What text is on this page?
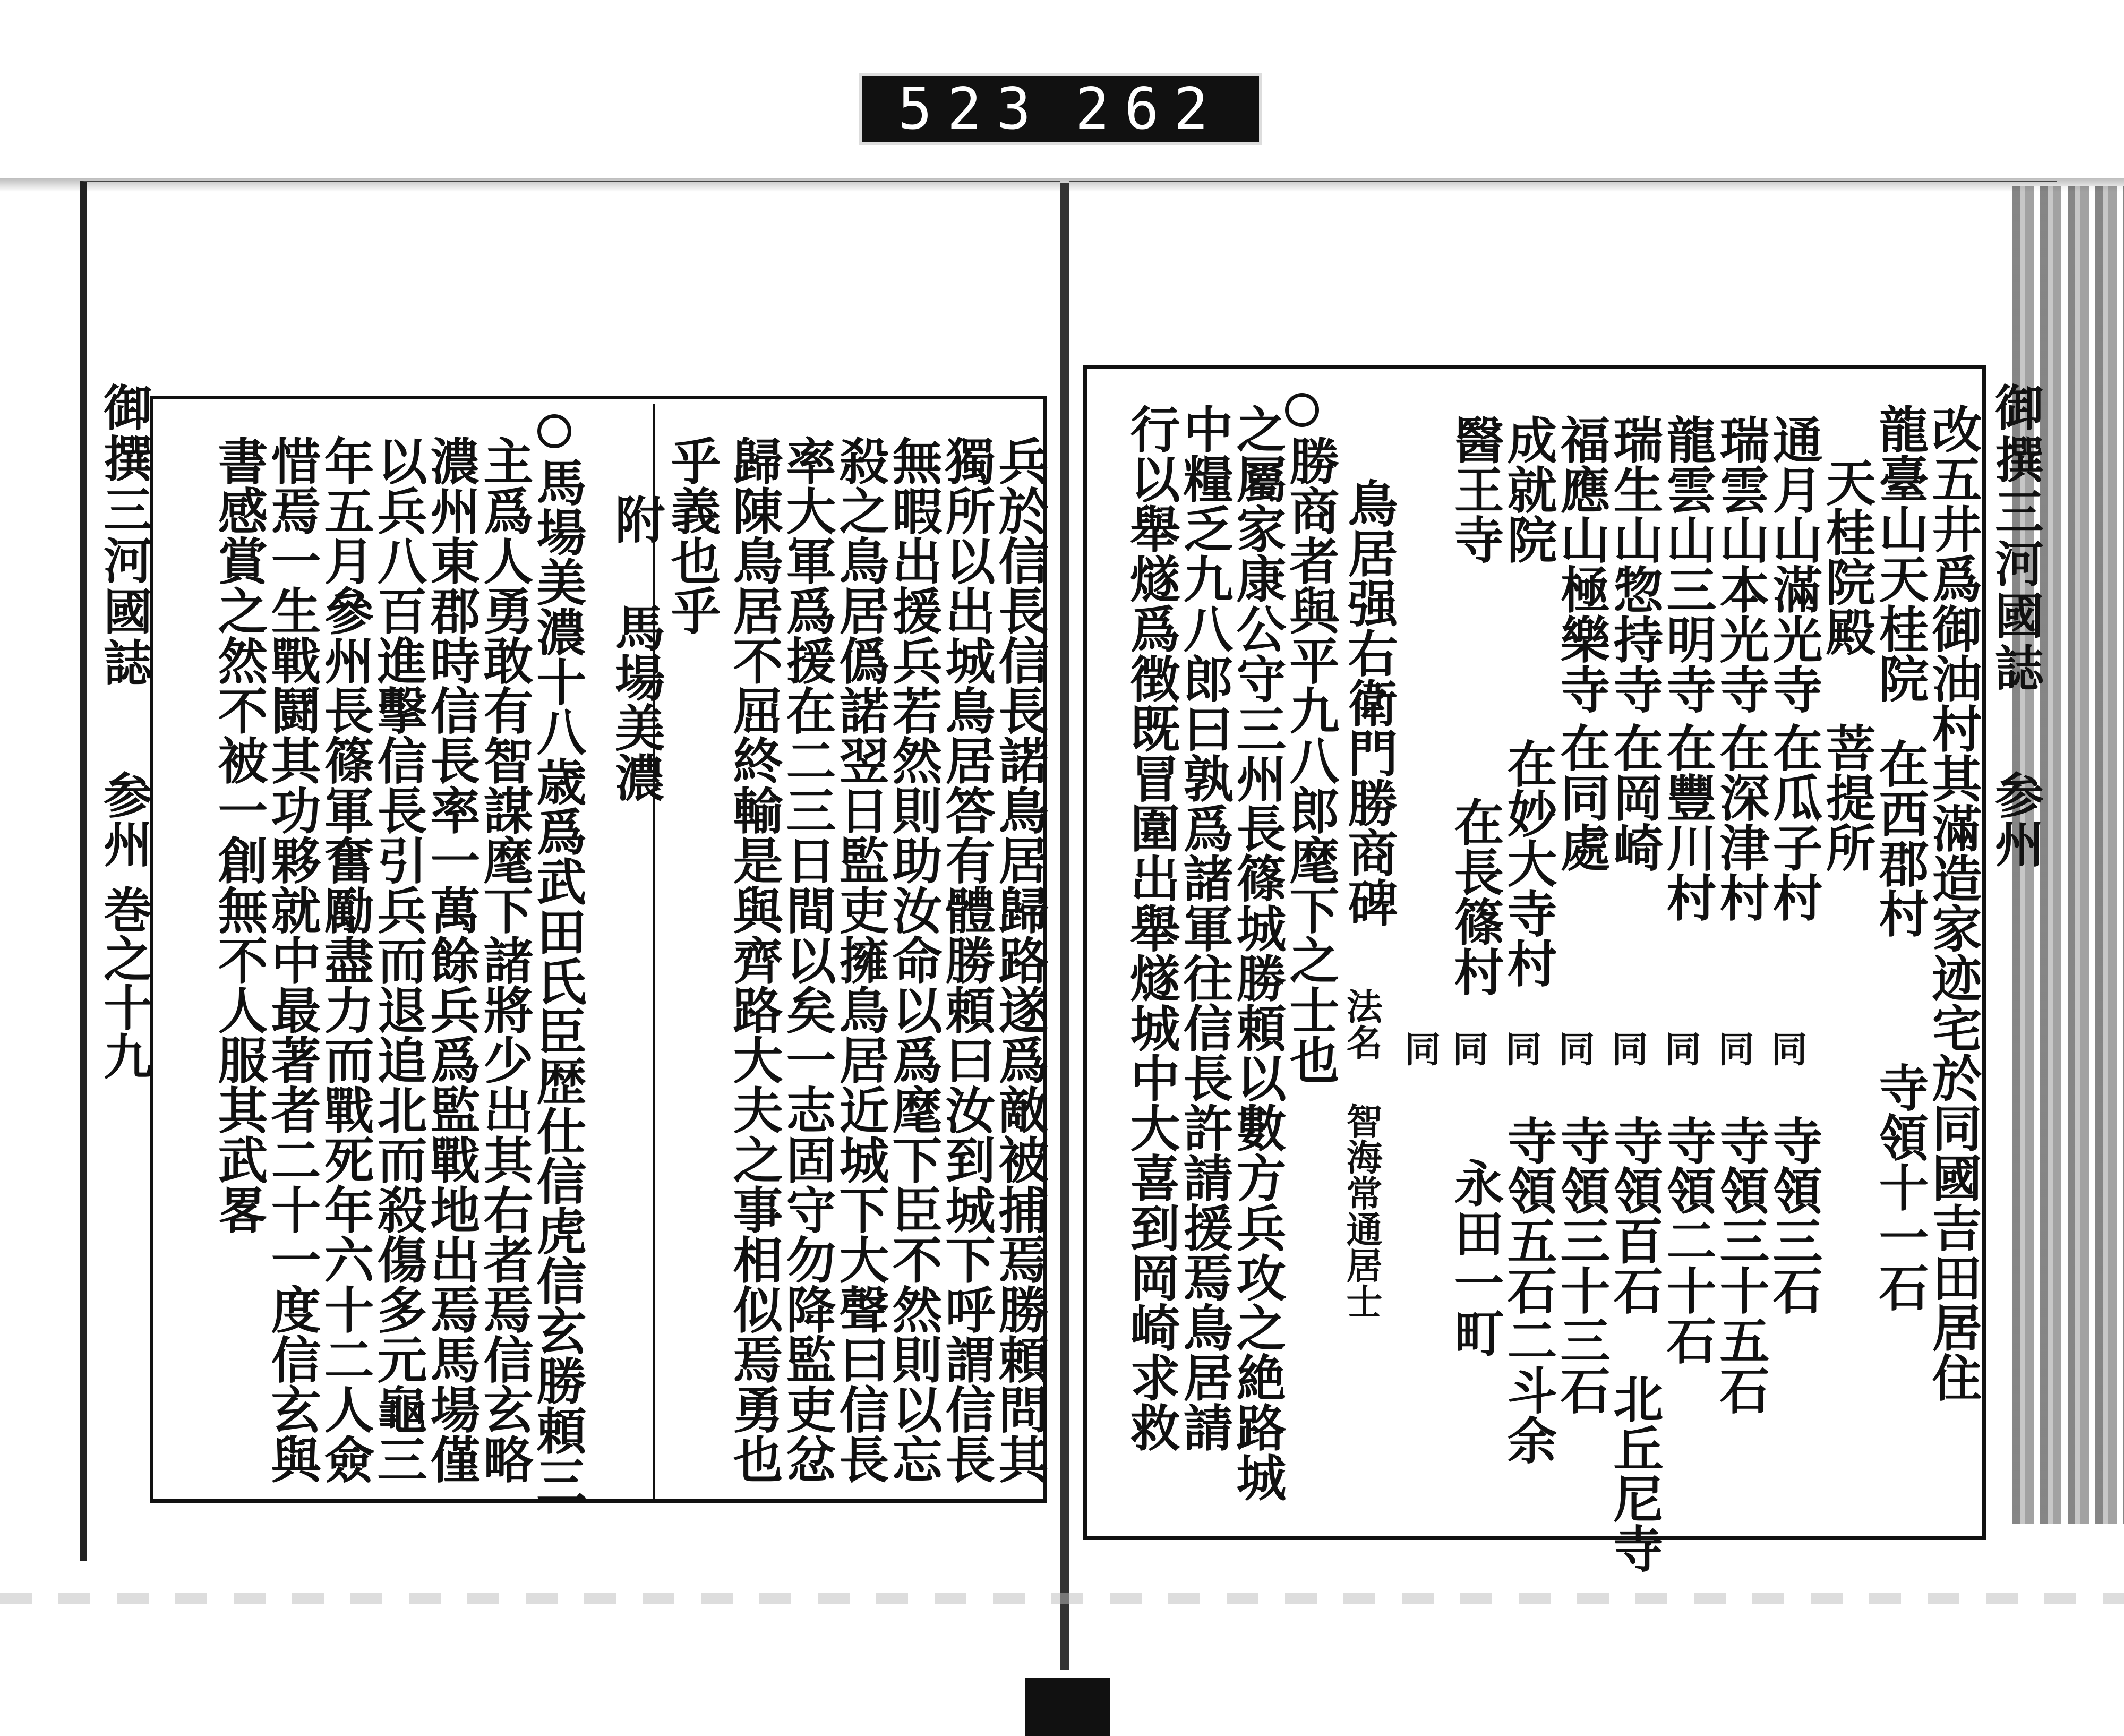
523 262
御撰三河國誌
参州 巻之十九
御撰三河國誌
参州
兵於信長信長諾鳥居歸路遂爲敵被捕焉勝頼問其
獨所以出城鳥居答有體勝頼曰汝到城下呼謂信長
無暇出援兵若然則助汝命以爲麾下臣不然則以忘
殺之鳥居僞諾翌日監吏擁鳥居近城下大聲曰信長
率大軍爲援在二三日間以矣一志固守勿降監吏忿
歸陳鳥居不屈終輸是與齊路大夫之事相似焉勇也
乎義也乎
附 馬場美濃
馬場美濃十八歳爲武田氏臣歴仕信虎信玄勝頼三
主爲人勇敢有智謀麾下諸將少出其右者焉信玄略
濃州東郡時信長率一萬餘兵爲監戰地出焉馬場僅
以兵八百進擊信長引兵而退追北而殺傷多元龜三
年五月參州長篠軍奮勵盡力而戰死年六十二人僉
惜焉一生戰鬪其功夥就中最著者二十一度信玄與
書感賞之然不被一創無不人服其武畧	改五井爲御油村其滿造家迹宅於同國吉田居住
龍臺山天桂院
在西郡村
天桂院殿
菩提所
通月山滿光寺
在瓜子村
瑞雲山本光寺
在深津村
龍雲山三明寺
在豐川村
瑞生山惣持寺
在岡崎
福應山極樂寺
在同處
成就院
在妙大寺村
醫王寺
在長篠村
寺領十一石
寺領三石
寺領三十五石
寺領二十石
寺領百石 北丘尼寺
寺領三十三石
寺領五石二斗余
永田一町
同
同
同
同
同
同
同
同
鳥居强右衛門勝商碑
法名 智海常通居士
勝商者與平九八郎麾下之士也
之屬家康公守三州長篠城勝頼以數方兵攻之絶路城
中糧乏九八郎曰孰爲諸軍往信長許請援焉鳥居請
行以舉燧爲徴既冒圍出舉燧城中大喜到岡崎求救
